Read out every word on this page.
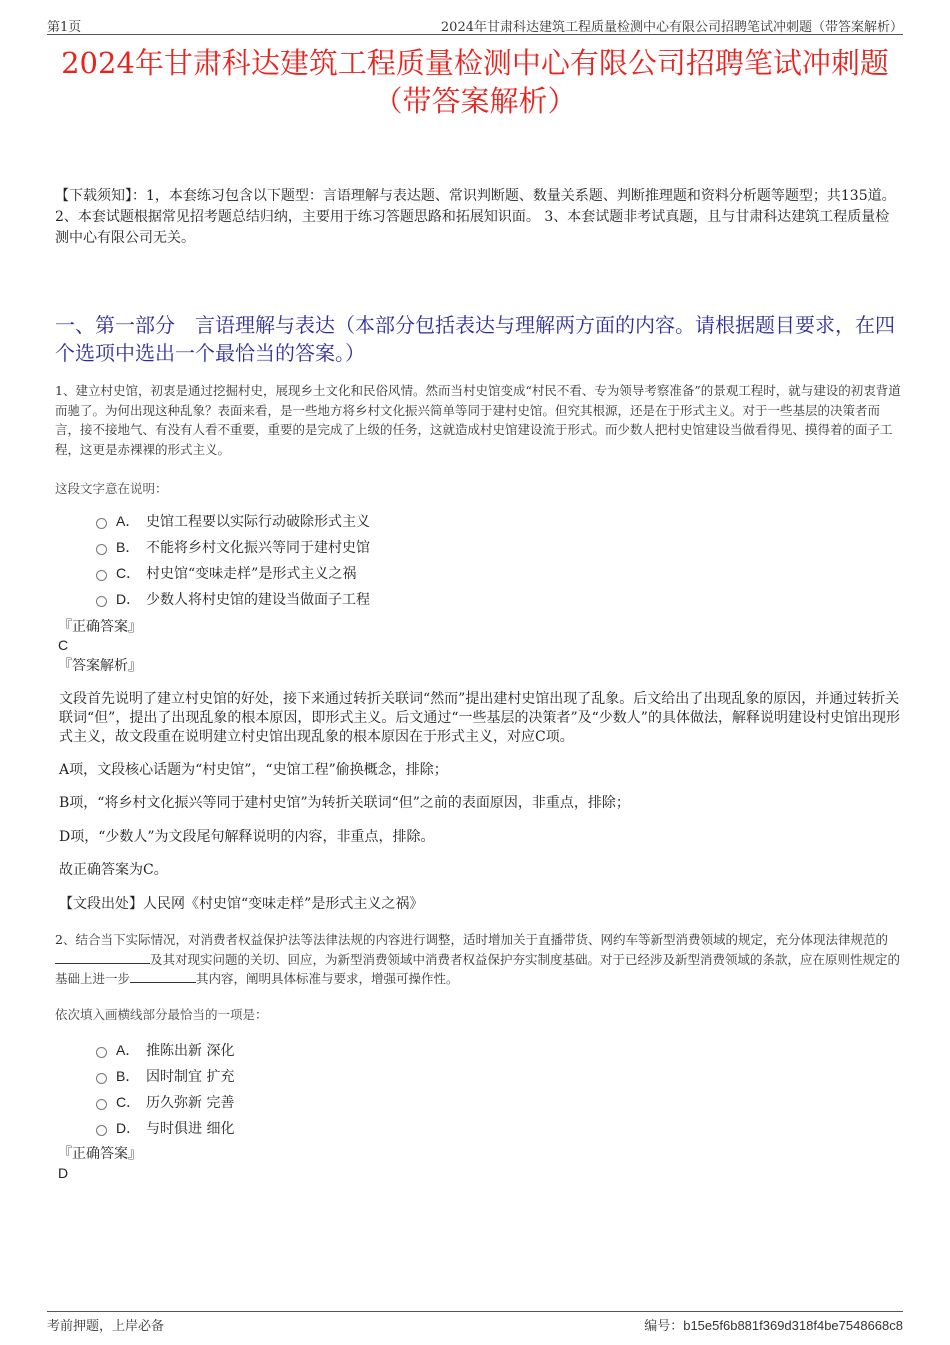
第1页	2024年甘肃科达建筑工程质量检测中心有限公司招聘笔试冲刺题（带答案解析）
2024年甘肃科达建筑工程质量检测中心有限公司招聘笔试冲刺题（带答案解析）
【下载须知】：1，本套练习包含以下题型：言语理解与表达题、常识判断题、数量关系题、判断推理题和资料分析题等题型；共135道。 2、本套试题根据常见招考题总结归纳，主要用于练习答题思路和拓展知识面。 3、本套试题非考试真题，且与甘肃科达建筑工程质量检测中心有限公司无关。
一、第一部分　言语理解与表达（本部分包括表达与理解两方面的内容。请根据题目要求，在四个选项中选出一个最恰当的答案。）
1、建立村史馆，初衷是通过挖掘村史，展现乡土文化和民俗风情。然而当村史馆变成“村民不看、专为领导考察准备”的景观工程时，就与建设的初衷背道而驰了。为何出现这种乱象？表面来看，是一些地方将乡村文化振兴简单等同于建村史馆。但究其根源，还是在于形式主义。对于一些基层的决策者而言，接不接地气、有没有人看不重要，重要的是完成了上级的任务，这就造成村史馆建设流于形式。而少数人把村史馆建设当做看得见、摸得着的面子工程，这更是赤裸裸的形式主义。
这段文字意在说明：
A． 史馆工程要以实际行动破除形式主义
B． 不能将乡村文化振兴等同于建村史馆
C． 村史馆“变味走样”是形式主义之祸
D． 少数人将村史馆的建设当做面子工程
『正确答案』
C
『答案解析』
文段首先说明了建立村史馆的好处，接下来通过转折关联词“然而”提出建村史馆出现了乱象。后文给出了出现乱象的原因，并通过转折关联词“但”，提出了出现乱象的根本原因，即形式主义。后文通过“一些基层的决策者”及“少数人”的具体做法，解释说明建设村史馆出现形式主义，故文段重在说明建立村史馆出现乱象的根本原因在于形式主义，对应C项。
A项，文段核心话题为“村史馆”，“史馆工程”偷换概念，排除；
B项，“将乡村文化振兴等同于建村史馆”为转折关联词“但”之前的表面原因，非重点，排除；
D项，“少数人”为文段尾句解释说明的内容，非重点，排除。
故正确答案为C。
【文段出处】人民网《村史馆“变味走样”是形式主义之祸》
2、结合当下实际情况，对消费者权益保护法等法律法规的内容进行调整，适时增加关于直播带货、网约车等新型消费领域的规定，充分体现法律规范的及其对现实问题的关切、回应，为新型消费领域中消费者权益保护夯实制度基础。对于已经涉及新型消费领域的条款，应在原则性规定的基础上进一步	其内容，阐明具体标准与要求，增强可操作性。
依次填入画横线部分最恰当的一项是：
A． 推陈出新 深化
B． 因时制宜 扩充
C． 历久弥新 完善
D． 与时俱进 细化
『正确答案』
D
考前押题，上岸必备	编号：b15e5f6b881f369d318f4be7548668c8
